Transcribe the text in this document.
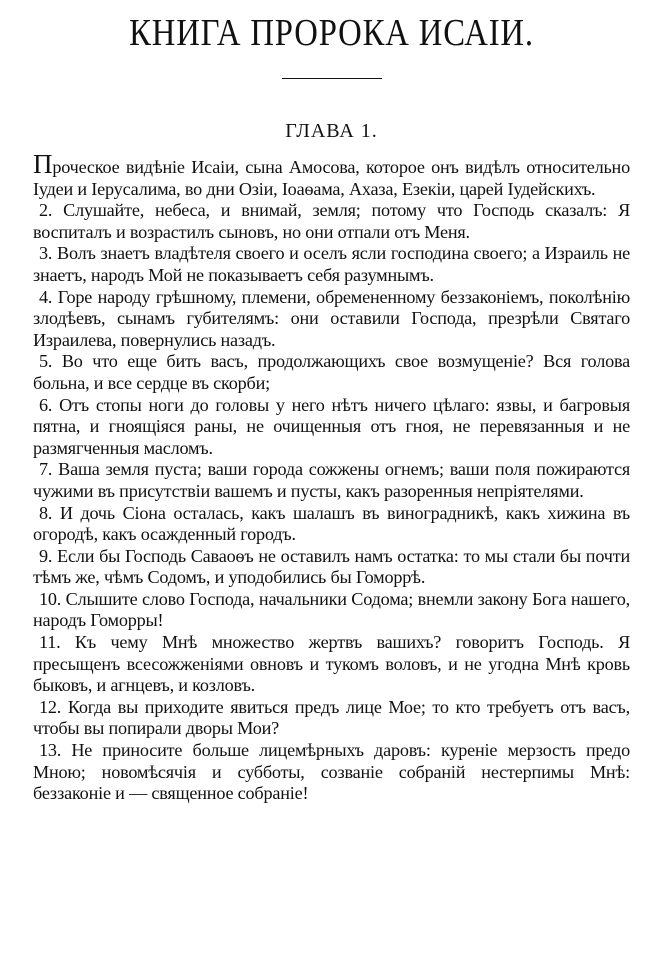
КНИГА ПРОРОКА ИСАІИ.
ГЛАВА 1.

Проческое видѣніе Исаіи, сына Амосова, которое онъ видѣлъ относительно Іудеи и Іерусалима, во дни Озіи, Іоаѳама, Ахаза, Езекіи, царей Іудейскихъ.

2. Слушайте, небеса, и внимай, земля; потому что Господь сказалъ: Я воспиталъ и возрастилъ сыновъ, но они отпали отъ Меня.

3. Волъ знаетъ владѣтеля своего и оселъ ясли господина своего; а Израиль не знаетъ, народъ Мой не показываетъ себя разумнымъ.

4. Горе народу грѣшному, племени, обремененному беззаконіемъ, поколѣнію злодѣевъ, сынамъ губителямъ: они оставили Господа, презрѣли Святаго Израилева, повернулись назадъ.

5. Во что еще бить васъ, продолжающихъ свое возмущеніе? Вся голова больна, и все сердце въ скорби;

6. Отъ стопы ноги до головы у него нѣтъ ничего цѣлаго: язвы, и багровыя пятна, и гноящіяся раны, не очищенныя отъ гноя, не перевязанныя и не размягченныя масломъ.

7. Ваша земля пуста; ваши города сожжены огнемъ; ваши поля пожираются чужими въ присутствіи вашемъ и пусты, какъ разоренныя непріятелями.

8. И дочь Сіона осталась, какъ шалашъ въ виноградникѣ, какъ хижина въ огородѣ, какъ осажденный городъ.

9. Если бы Господь Саваоѳъ не оставилъ намъ остатка: то мы стали бы почти тѣмъ же, чѣмъ Содомъ, и уподобились бы Гоморрѣ.

10. Слышите слово Господа, начальники Содома; внемли закону Бога нашего, народъ Гоморры!

11. Къ чему Мнѣ множество жертвъ вашихъ? говоритъ Господь. Я пресыщенъ всесожженіями овновъ и тукомъ воловъ, и не угодна Мнѣ кровь быковъ, и агнцевъ, и козловъ.

12. Когда вы приходите явиться предъ лице Мое; то кто требуетъ отъ васъ, чтобы вы попирали дворы Мои?

13. Не приносите больше лицемѣрныхъ даровъ: куреніе мерзость предо Мною; новомѣсячія и субботы, созваніе собраній нестерпимы Мнѣ: беззаконіе и — священное собраніе!
